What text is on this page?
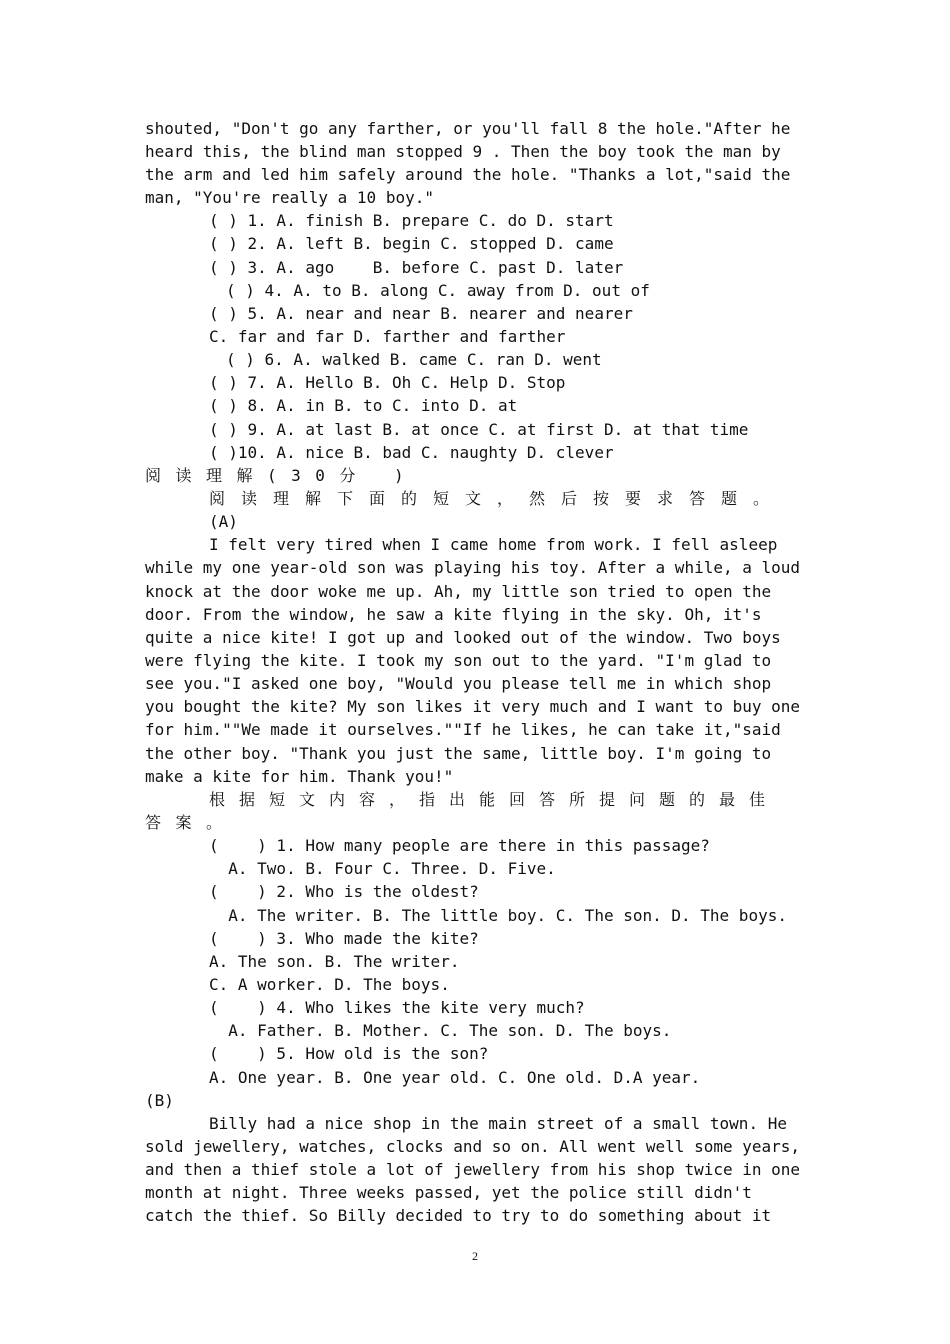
shouted, "Don't go any farther, or you'll fall 8 the hole."After he
heard this, the blind man stopped 9 . Then the boy took the man by
the arm and led him safely around the hole. "Thanks a lot,"said the
man, "You're really a 10 boy."
( ) 1. A. finish B. prepare C. do D. start
( ) 2. A. left B. begin C. stopped D. came
( ) 3. A. ago    B. before C. past D. later
( ) 4. A. to B. along C. away from D. out of
( ) 5. A. near and near B. nearer and nearer
C. far and far D. farther and farther
( ) 6. A. walked B. came C. ran D. went
( ) 7. A. Hello B. Oh C. Help D. Stop
( ) 8. A. in B. to C. into D. at
( ) 9. A. at last B. at once C. at first D. at that time
( )10. A. nice B. bad C. naughty D. clever
阅读理解(30分 )
阅读理解下面的短文，然后按要求答题。
(A)
I felt very tired when I came home from work. I fell asleep
while my one year-old son was playing his toy. After a while, a loud
knock at the door woke me up. Ah, my little son tried to open the
door. From the window, he saw a kite flying in the sky. Oh, it's
quite a nice kite! I got up and looked out of the window. Two boys
were flying the kite. I took my son out to the yard. "I'm glad to
see you."I asked one boy, "Would you please tell me in which shop
you bought the kite? My son likes it very much and I want to buy one
for him.""We made it ourselves.""If he likes, he can take it,"said
the other boy. "Thank you just the same, little boy. I'm going to
make a kite for him. Thank you!"
根据短文内容，指出能回答所提问题的最佳
答案。
(    ) 1. How many people are there in this passage?
A. Two. B. Four C. Three. D. Five.
(    ) 2. Who is the oldest?
A. The writer. B. The little boy. C. The son. D. The boys.
(    ) 3. Who made the kite?
A. The son. B. The writer.
C. A worker. D. The boys.
(    ) 4. Who likes the kite very much?
A. Father. B. Mother. C. The son. D. The boys.
(    ) 5. How old is the son?
A. One year. B. One year old. C. One old. D.A year.
(B)
Billy had a nice shop in the main street of a small town. He
sold jewellery, watches, clocks and so on. All went well some years,
and then a thief stole a lot of jewellery from his shop twice in one
month at night. Three weeks passed, yet the police still didn't
catch the thief. So Billy decided to try to do something about it
2
